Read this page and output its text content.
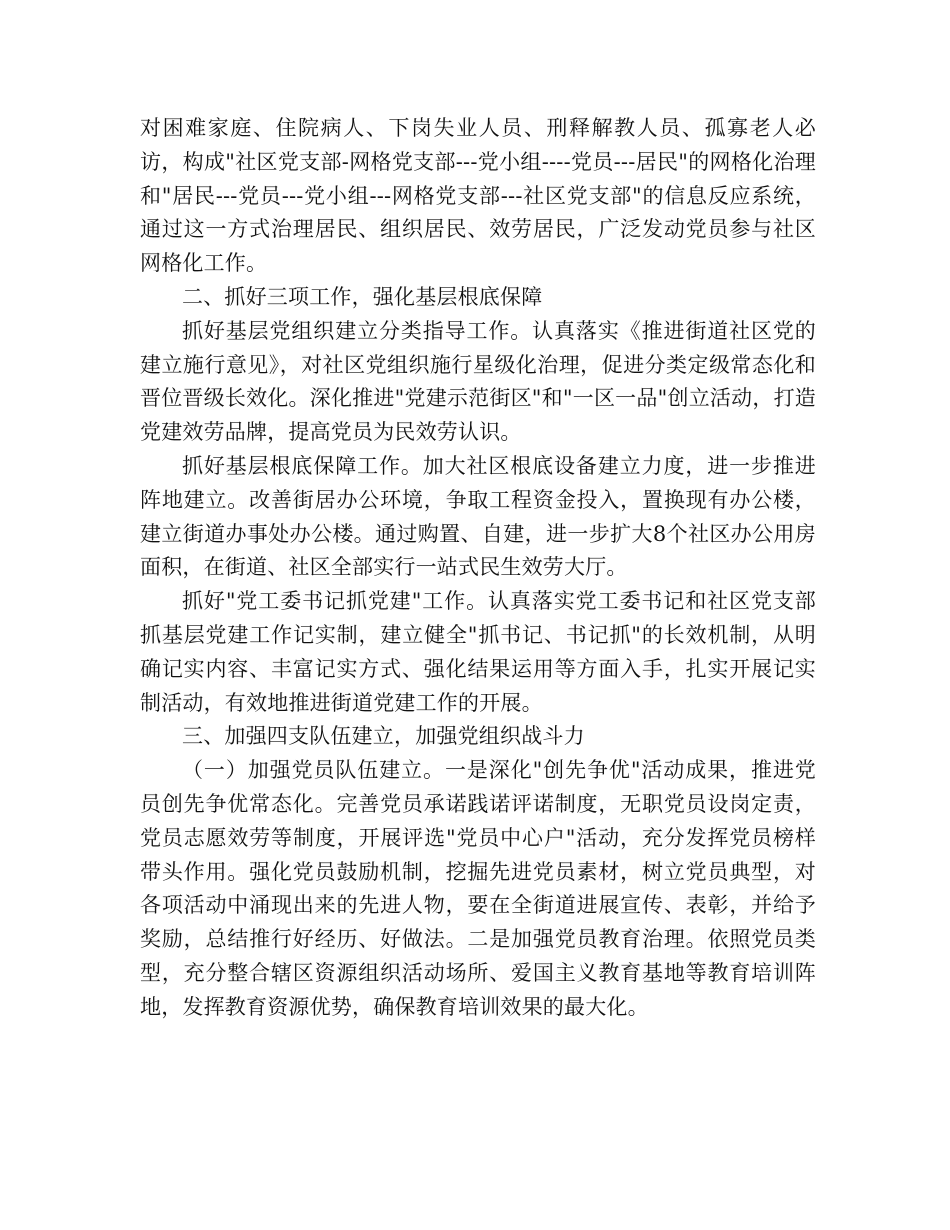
对困难家庭、住院病人、下岗失业人员、刑释解教人员、孤寡老人必访，构成"社区党支部-网格党支部---党小组----党员---居民"的网格化治理和"居民---党员---党小组---网格党支部---社区党支部"的信息反应系统，通过这一方式治理居民、组织居民、效劳居民，广泛发动党员参与社区网格化工作。

二、抓好三项工作，强化基层根底保障

抓好基层党组织建立分类指导工作。认真落实《推进街道社区党的建立施行意见》，对社区党组织施行星级化治理，促进分类定级常态化和晋位晋级长效化。深化推进"党建示范街区"和"一区一品"创立活动，打造党建效劳品牌，提高党员为民效劳认识。

抓好基层根底保障工作。加大社区根底设备建立力度，进一步推进阵地建立。改善街居办公环境，争取工程资金投入，置换现有办公楼，建立街道办事处办公楼。通过购置、自建，进一步扩大8个社区办公用房面积，在街道、社区全部实行一站式民生效劳大厅。

抓好"党工委书记抓党建"工作。认真落实党工委书记和社区党支部抓基层党建工作记实制，建立健全"抓书记、书记抓"的长效机制，从明确记实内容、丰富记实方式、强化结果运用等方面入手，扎实开展记实制活动，有效地推进街道党建工作的开展。

三、加强四支队伍建立，加强党组织战斗力

（一）加强党员队伍建立。一是深化"创先争优"活动成果，推进党员创先争优常态化。完善党员承诺践诺评诺制度，无职党员设岗定责，党员志愿效劳等制度，开展评选"党员中心户"活动，充分发挥党员榜样带头作用。强化党员鼓励机制，挖掘先进党员素材，树立党员典型，对各项活动中涌现出来的先进人物，要在全街道进展宣传、表彰，并给予奖励，总结推行好经历、好做法。二是加强党员教育治理。依照党员类型，充分整合辖区资源组织活动场所、爱国主义教育基地等教育培训阵地，发挥教育资源优势，确保教育培训效果的最大化。
